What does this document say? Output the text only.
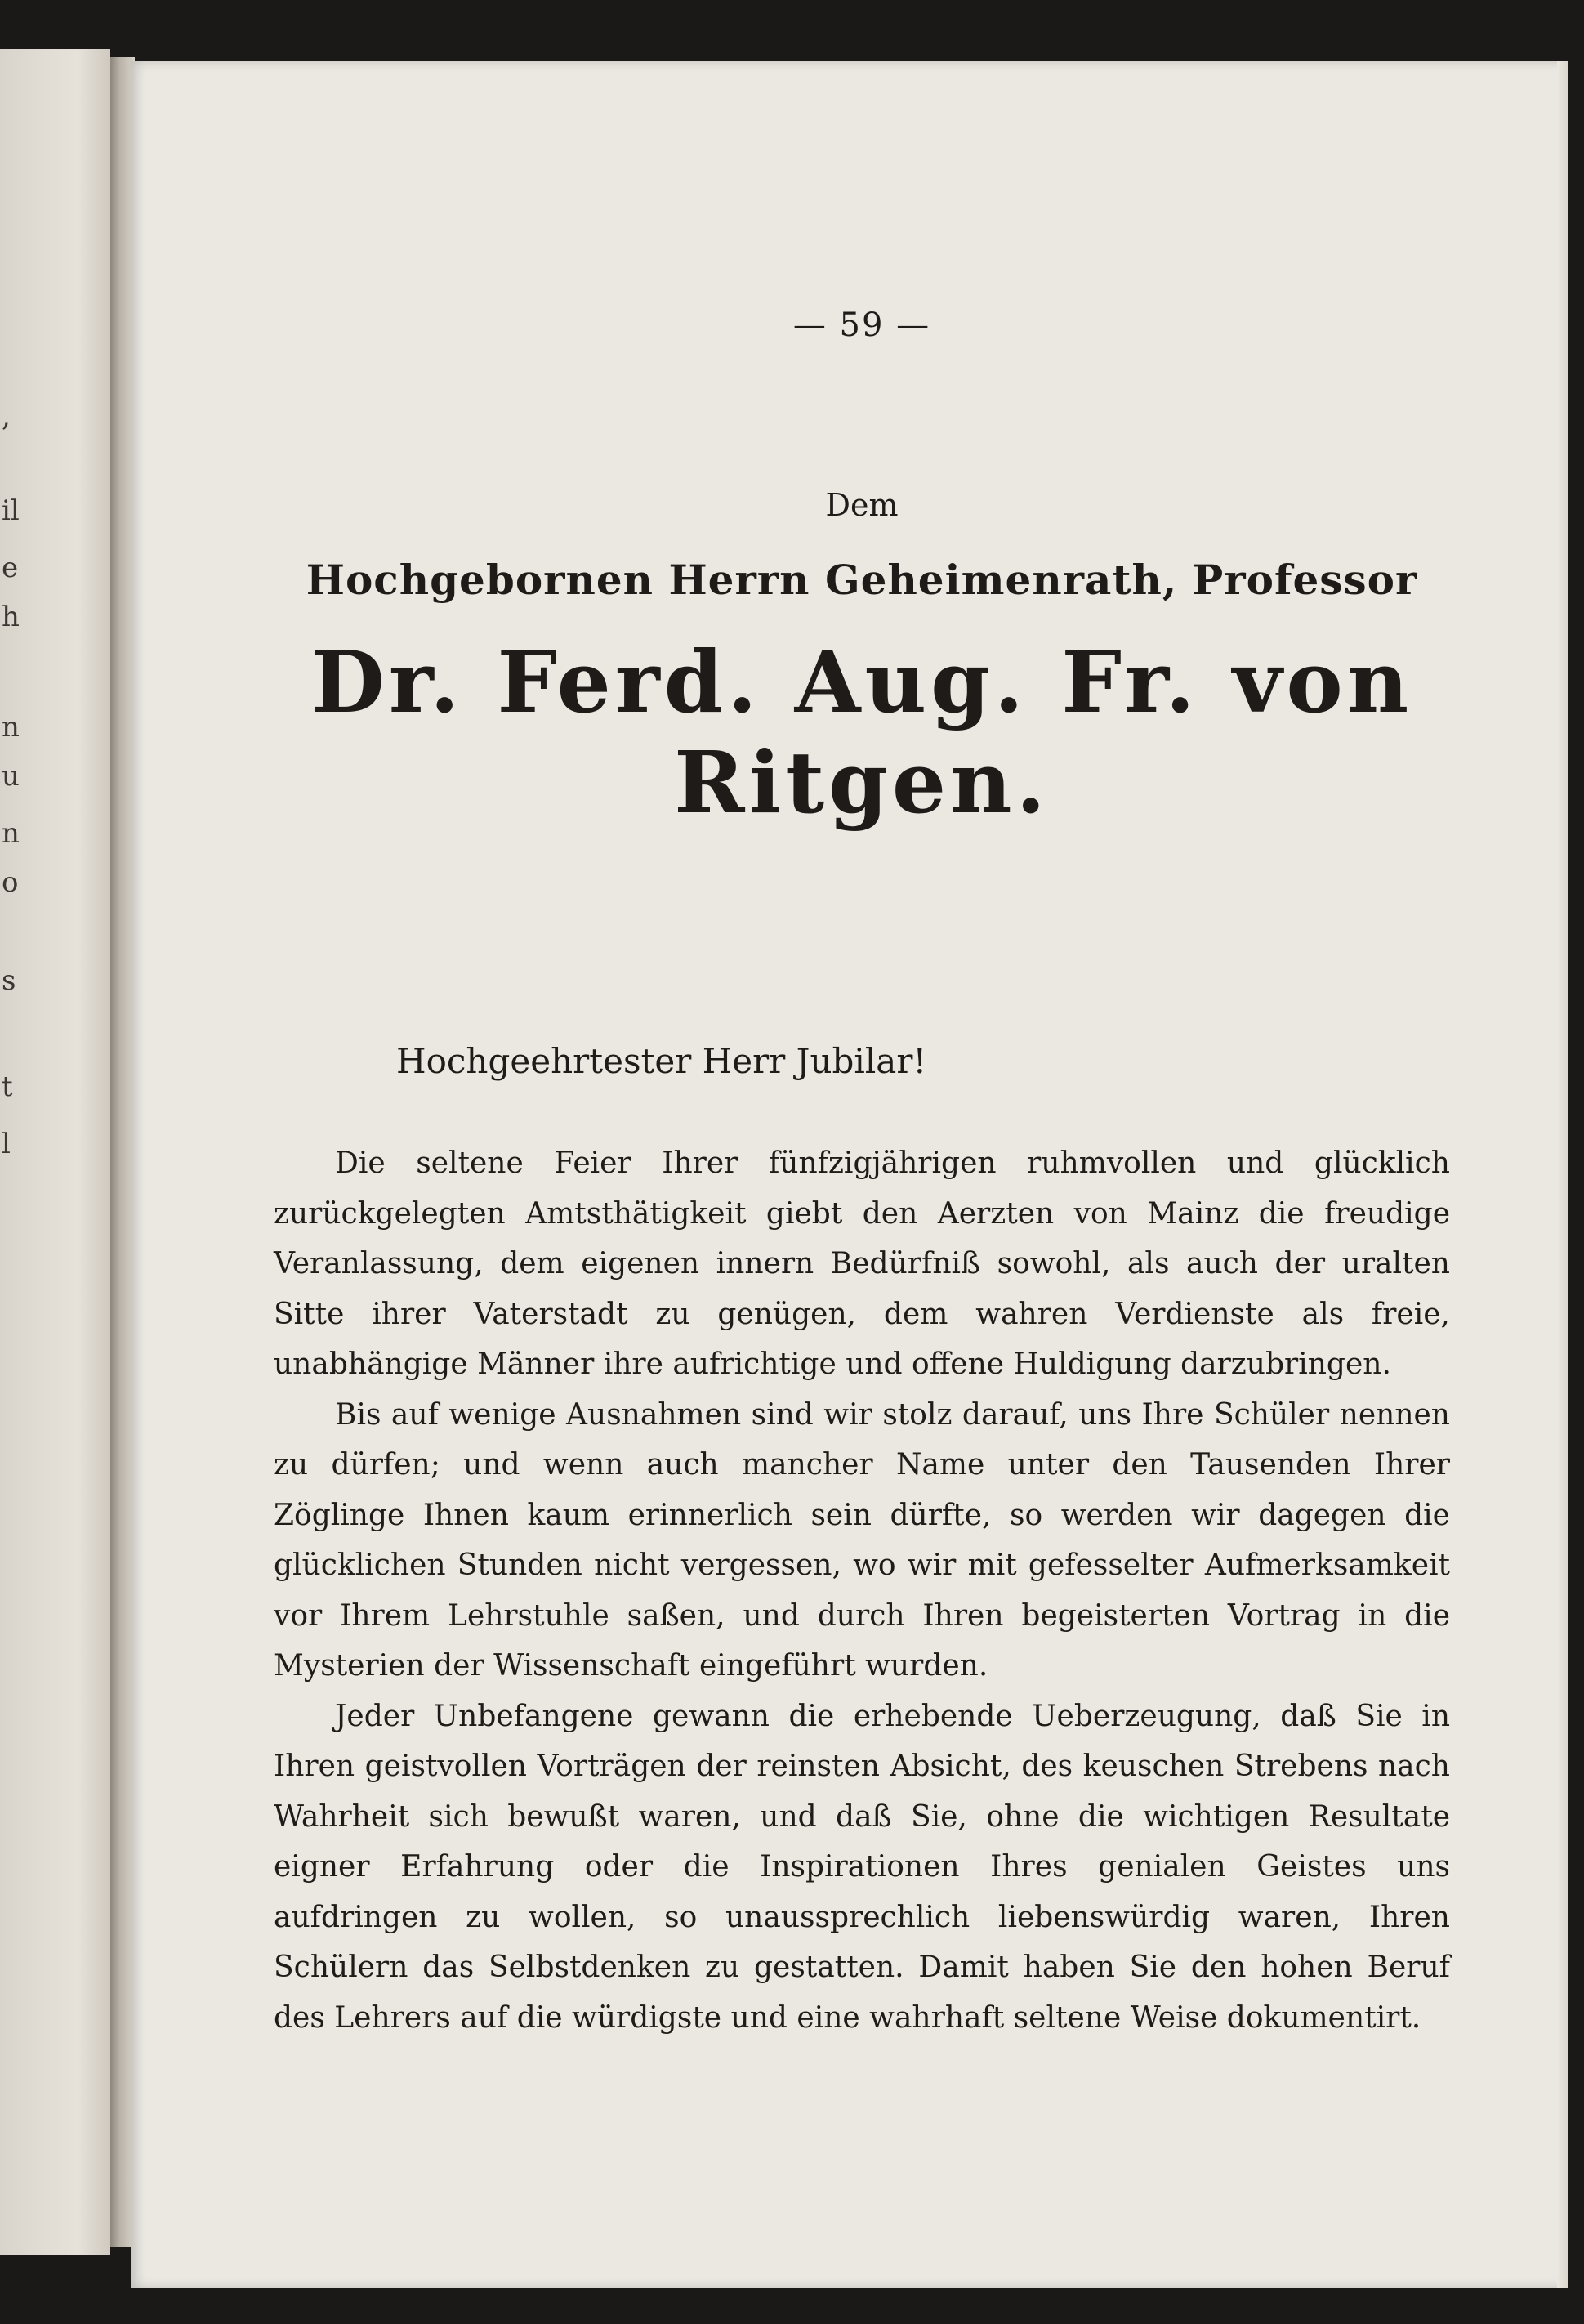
,
il
e
h
n
u
n
o
s
t
l
— 59 —
Dem
Hochgebornen Herrn Geheimenrath, Professor
Dr. Ferd. Aug. Fr. von Ritgen.
Hochgeehrtester Herr Jubilar!

Die seltene Feier Ihrer fünfzigjährigen ruhmvollen und glücklich zurückgelegten Amtsthätigkeit giebt den Aerzten von Mainz die freudige Veranlassung, dem eigenen innern Bedürfniß sowohl, als auch der uralten Sitte ihrer Vaterstadt zu genügen, dem wahren Verdienste als freie, unabhängige Männer ihre aufrichtige und offene Huldigung darzubringen.

Bis auf wenige Ausnahmen sind wir stolz darauf, uns Ihre Schüler nennen zu dürfen; und wenn auch mancher Name unter den Tausenden Ihrer Zöglinge Ihnen kaum erinnerlich sein dürfte, so werden wir dagegen die glücklichen Stunden nicht vergessen, wo wir mit gefesselter Aufmerksamkeit vor Ihrem Lehrstuhle saßen, und durch Ihren begeisterten Vortrag in die Mysterien der Wissenschaft eingeführt wurden.

Jeder Unbefangene gewann die erhebende Ueberzeugung, daß Sie in Ihren geistvollen Vorträgen der reinsten Absicht, des keuschen Strebens nach Wahrheit sich bewußt waren, und daß Sie, ohne die wichtigen Resultate eigner Erfahrung oder die Inspirationen Ihres genialen Geistes uns aufdringen zu wollen, so unaussprechlich liebenswürdig waren, Ihren Schülern das Selbstdenken zu gestatten. Damit haben Sie den hohen Beruf des Lehrers auf die würdigste und eine wahrhaft seltene Weise dokumentirt.
